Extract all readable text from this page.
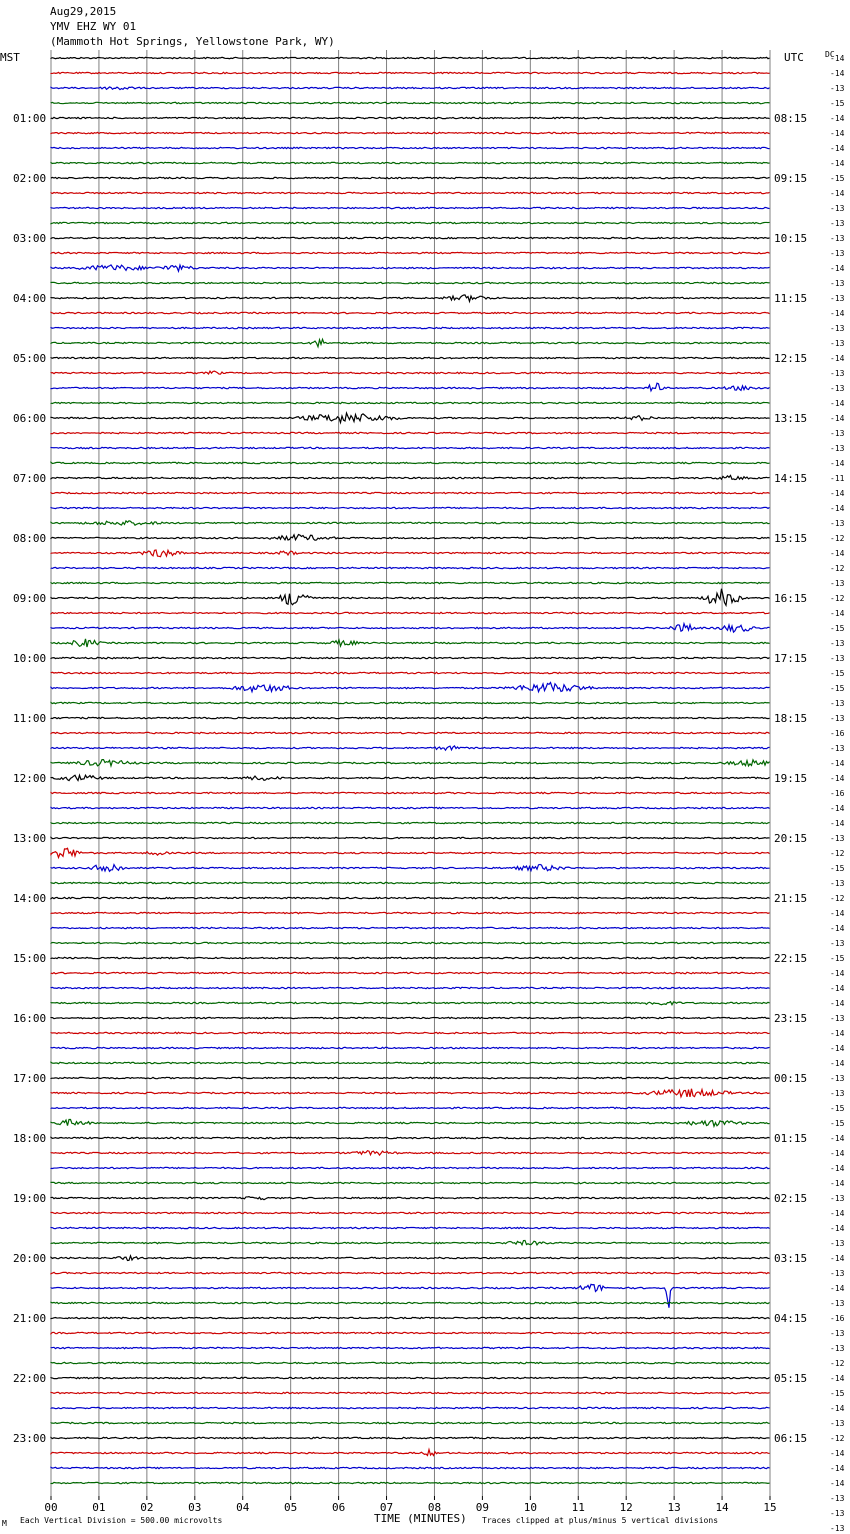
Aug29,2015
YMV EHZ WY 01
(Mammoth Hot Springs, Yellowstone Park, WY)
MST	UTC	DC
01:00
02:00
03:00
04:00
05:00
06:00
07:00
08:00
09:00
10:00
11:00
12:00
13:00
14:00
15:00
16:00
17:00
18:00
19:00
20:00
21:00
22:00
23:00
08:15
09:15
10:15
11:15
12:15
13:15
14:15
15:15
16:15
17:15
18:15
19:15
20:15
21:15
22:15
23:15
00:15
01:15
02:15
03:15
04:15
05:15
06:15
-14
-14
-13
-15
-14
-14
-14
-14
-15
-14
-13
-13
-13
-13
-14
-13
-13
-14
-13
-13
-14
-13
-13
-14
-14
-13
-13
-14
-11
-14
-14
-13
-12
-14
-12
-13
-12
-14
-15
-13
-13
-15
-15
-13
-13
-16
-13
-14
-14
-16
-14
-14
-13
-12
-15
-13
-12
-14
-14
-13
-15
-14
-14
-14
-13
-14
-14
-14
-13
-13
-15
-15
-14
-14
-14
-14
-13
-14
-14
-13
-14
-13
-14
-13
-16
-13
-13
-12
-14
-15
-14
-13
-12
-14
-14
-14
-13
-13
-13
00	01	02	03	04	05	06	07	08	09	10	11	12	13	14	15
TIME (MINUTES)
Each Vertical Division = 500.00 microvolts	Traces clipped at plus/minus 5 vertical divisions
M
